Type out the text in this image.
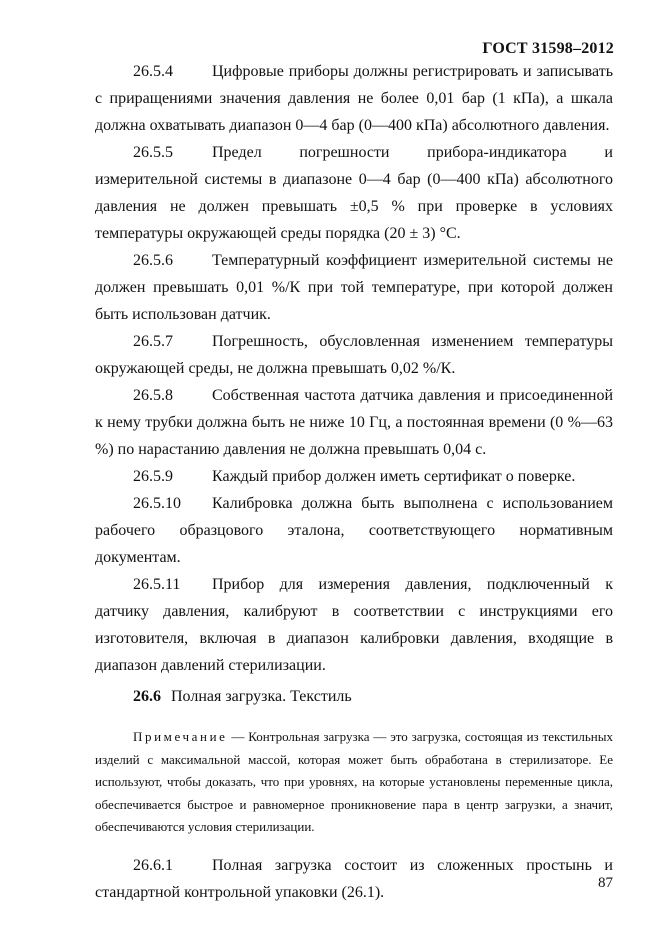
ГОСТ 31598–2012

26.5.4 Цифровые приборы должны регистрировать и записывать с приращениями значения давления не более 0,01 бар (1 кПа), а шкала должна охватывать диапазон 0—4 бар (0—400 кПа) абсолютного давления.

26.5.5 Предел погрешности прибора-индикатора и измерительной системы в диапазоне 0—4 бар (0—400 кПа) абсолютного давления не должен превышать ±0,5 % при проверке в условиях температуры окружающей среды порядка (20 ± 3) °С.

26.5.6 Температурный коэффициент измерительной системы не должен превышать 0,01 %/К при той температуре, при которой должен быть использован датчик.

26.5.7 Погрешность, обусловленная изменением температуры окружающей среды, не должна превышать 0,02 %/К.

26.5.8 Собственная частота датчика давления и присоединенной к нему трубки должна быть не ниже 10 Гц, а постоянная времени (0 %—63 %) по нарастанию давления не должна превышать 0,04 с.

26.5.9 Каждый прибор должен иметь сертификат о поверке.

26.5.10 Калибровка должна быть выполнена с использованием рабочего образцового эталона, соответствующего нормативным документам.

26.5.11 Прибор для измерения давления, подключенный к датчику давления, калибруют в соответствии с инструкциями его изготовителя, включая в диапазон калибровки давления, входящие в диапазон давлений стерилизации.

26.6 Полная загрузка. Текстиль

Примечание — Контрольная загрузка — это загрузка, состоящая из текстильных изделий с максимальной массой, которая может быть обработана в стерилизаторе. Ее используют, чтобы доказать, что при уровнях, на которые установлены переменные цикла, обеспечивается быстрое и равномерное проникновение пара в центр загрузки, а значит, обеспечиваются условия стерилизации.

26.6.1 Полная загрузка состоит из сложенных простынь и стандартной контрольной упаковки (26.1).

87
